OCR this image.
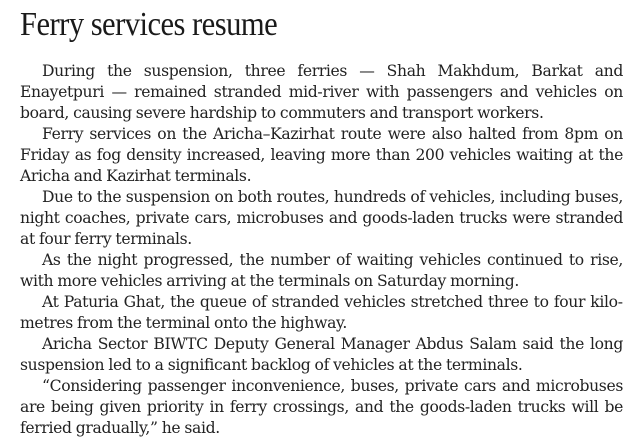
Ferry services resume

During the suspension, three ferries — Shah Makhdum, Barkat and Enayetpuri — remained stranded mid-river with passengers and vehicles on board, causing severe hardship to commuters and transport workers.

Ferry services on the Aricha–Kazirhat route were also halted from 8pm on Friday as fog density increased, leaving more than 200 vehicles waiting at the Aricha and Kazirhat terminals.

Due to the suspension on both routes, hundreds of vehicles, including buses, night coaches, private cars, microbuses and goods-laden trucks were stranded at four ferry terminals.

As the night progressed, the number of waiting vehicles continued to rise, with more vehicles arriving at the terminals on Saturday morning.

At Paturia Ghat, the queue of stranded vehicles stretched three to four kilometres from the terminal onto the highway.

Aricha Sector BIWTC Deputy General Manager Abdus Salam said the long suspension led to a significant backlog of vehicles at the terminals.

“Considering passenger inconvenience, buses, private cars and microbuses are being given priority in ferry crossings, and the goods-laden trucks will be ferried gradually,” he said.
